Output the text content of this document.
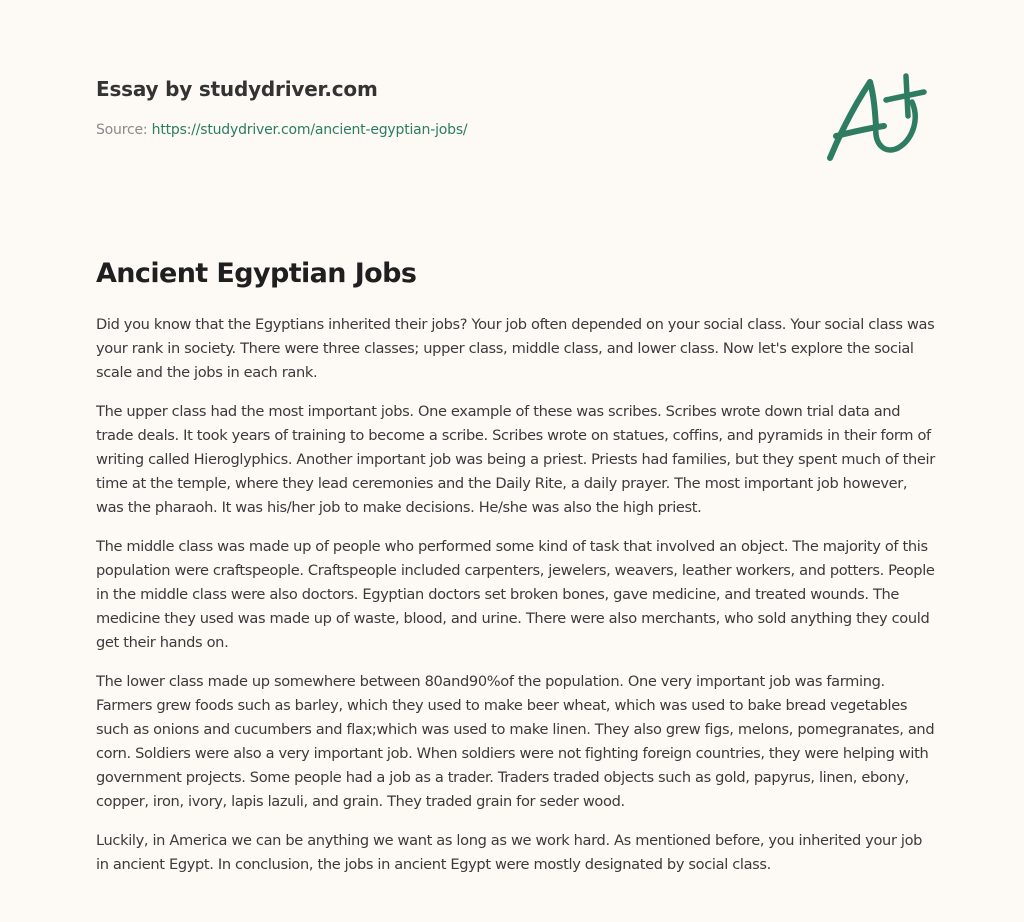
Essay by studydriver.com
Source: https://studydriver.com/ancient-egyptian-jobs/
Ancient Egyptian Jobs

Did you know that the Egyptians inherited their jobs? Your job often depended on your social class. Your social class was your rank in society. There were three classes; upper class, middle class, and lower class. Now let's explore the social scale and the jobs in each rank.

The upper class had the most important jobs. One example of these was scribes. Scribes wrote down trial data and trade deals. It took years of training to become a scribe. Scribes wrote on statues, coffins, and pyramids in their form of writing called Hieroglyphics. Another important job was being a priest. Priests had families, but they spent much of their time at the temple, where they lead ceremonies and the Daily Rite, a daily prayer. The most important job however, was the pharaoh. It was his/her job to make decisions. He/she was also the high priest.

The middle class was made up of people who performed some kind of task that involved an object. The majority of this population were craftspeople. Craftspeople included carpenters, jewelers, weavers, leather workers, and potters. People in the middle class were also doctors. Egyptian doctors set broken bones, gave medicine, and treated wounds. The medicine they used was made up of waste, blood, and urine. There were also merchants, who sold anything they could get their hands on.

The lower class made up somewhere between 80and90%of the population. One very important job was farming. Farmers grew foods such as barley, which they used to make beer wheat, which was used to bake bread vegetables such as onions and cucumbers and flax;which was used to make linen. They also grew figs, melons, pomegranates, and corn. Soldiers were also a very important job. When soldiers were not fighting foreign countries, they were helping with government projects. Some people had a job as a trader. Traders traded objects such as gold, papyrus, linen, ebony, copper, iron, ivory, lapis lazuli, and grain. They traded grain for seder wood.

Luckily, in America we can be anything we want as long as we work hard. As mentioned before, you inherited your job in ancient Egypt. In conclusion, the jobs in ancient Egypt were mostly designated by social class.
